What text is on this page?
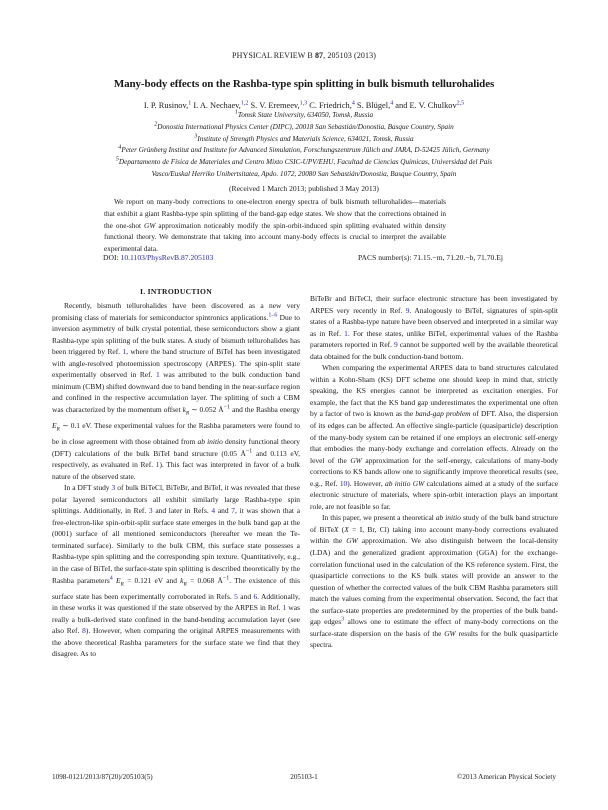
PHYSICAL REVIEW B 87, 205103 (2013)
Many-body effects on the Rashba-type spin splitting in bulk bismuth tellurohalides
I. P. Rusinov,$^1$ I. A. Nechaev,$^{1,2}$ S. V. Eremeev,$^{1,3}$ C. Friedrich,$^4$ S. Blügel,$^4$ and E. V. Chulkov$^{2,5}$
$^1$Tomsk State University, 634050, Tomsk, Russia
$^2$Donostia International Physics Center (DIPC), 20018 San Sebastián/Donostia, Basque Country, Spain
$^3$Institute of Strength Physics and Materials Science, 634021, Tomsk, Russia
$^4$Peter Grünberg Institut and Institute for Advanced Simulation, Forschungszentrum Jülich and JARA, D-52425 Jülich, Germany
$^5$Departamento de Física de Materiales and Centro Mixto CSIC-UPV/EHU, Facultad de Ciencias Químicas, Universidad del País
Vasco/Euskal Herriko Unibertsitatea, Apdo. 1072, 20080 San Sebastián/Donostia, Basque Country, Spain
(Received 1 March 2013; published 3 May 2013)
We report on many-body corrections to one-electron energy spectra of bulk bismuth tellurohalides—materials that exhibit a giant Rashba-type spin splitting of the band-gap edge states. We show that the corrections obtained in the one-shot GW approximation noticeably modify the spin-orbit-induced spin splitting evaluated within density functional theory. We demonstrate that taking into account many-body effects is crucial to interpret the available experimental data.
DOI: 10.1103/PhysRevB.87.205103	PACS number(s): 71.15.−m, 71.20.−b, 71.70.Ej
I. INTRODUCTION

Recently, bismuth tellurohalides have been discovered as a new very promising class of materials for semiconductor spintronics applications.$^{1-6}$ Due to inversion asymmetry of bulk crystal potential, these semiconductors show a giant Rashba-type spin splitting of the bulk states. A study of bismuth tellurohalides has been triggered by Ref. 1, where the band structure of BiTeI has been investigated with angle-resolved photoemission spectroscopy (ARPES). The spin-split state experimentally observed in Ref. 1 was attributed to the bulk conduction band minimum (CBM) shifted downward due to band bending in the near-surface region and confined in the respective accumulation layer. The splitting of such a CBM was characterized by the momentum offset $k_R$ ∼ 0.052 $Å^{-1}$ and the Rashba energy $E_R$ ∼ 0.1 eV. These experimental values for the Rashba parameters were found to be in close agreement with those obtained from ab initio density functional theory (DFT) calculations of the bulk BiTeI band structure (0.05 $Å^{-1}$ and 0.113 eV, respectively, as evaluated in Ref. 1). This fact was interpreted in favor of a bulk nature of the observed state.

In a DFT study 3 of bulk BiTeCl, BiTeBr, and BiTeI, it was revealed that these polar layered semiconductors all exhibit similarly large Rashba-type spin splittings. Additionally, in Ref. 3 and later in Refs. 4 and 7, it was shown that a free-electron-like spin-orbit-split surface state emerges in the bulk band gap at the (0001) surface of all mentioned semiconductors (hereafter we mean the Te-terminated surface). Similarly to the bulk CBM, this surface state possesses a Rashba-type spin splitting and the corresponding spin texture. Quantitatively, e.g., in the case of BiTeI, the surface-state spin splitting is described theoretically by the Rashba parameters$^4$ $E_R = 0.121$ eV and $k_R = 0.068$ $Å^{-1}$. The existence of this surface state has been experimentally corroborated in Refs. 5 and 6. Additionally, in these works it was questioned if the state observed by the ARPES in Ref. 1 was really a bulk-derived state confined in the band-bending accumulation layer (see also Ref. 8). However, when comparing the original ARPES measurements with the above theoretical Rashba parameters for the surface state we find that they disagree. As to

BiTeBr and BiTeCl, their surface electronic structure has been investigated by ARPES very recently in Ref. 9. Analogously to BiTeI, signatures of spin-split states of a Rashba-type nature have been observed and interpreted in a similar way as in Ref. 1. For these states, unlike BiTeI, experimental values of the Rashba parameters reported in Ref. 9 cannot be supported well by the available theoretical data obtained for the bulk conduction-band bottom.

When comparing the experimental ARPES data to band structures calculated within a Kohn-Sham (KS) DFT scheme one should keep in mind that, strictly speaking, the KS energies cannot be interpreted as excitation energies. For example, the fact that the KS band gap underestimates the experimental one often by a factor of two is known as the band-gap problem of DFT. Also, the dispersion of its edges can be affected. An effective single-particle (quasiparticle) description of the many-body system can be retained if one employs an electronic self-energy that embodies the many-body exchange and correlation effects. Already on the level of the GW approximation for the self-energy, calculations of many-body corrections to KS bands allow one to significantly improve theoretical results (see, e.g., Ref. 10). However, ab initio GW calculations aimed at a study of the surface electronic structure of materials, where spin-orbit interaction plays an important role, are not feasible so far.

In this paper, we present a theoretical ab initio study of the bulk band structure of BiTeX (X = I, Br, Cl) taking into account many-body corrections evaluated within the GW approximation. We also distinguish between the local-density (LDA) and the generalized gradient approximation (GGA) for the exchange-correlation functional used in the calculation of the KS reference system. First, the quasiparticle corrections to the KS bulk states will provide an answer to the question of whether the corrected values of the bulk CBM Rashba parameters still match the values coming from the experimental observation. Second, the fact that the surface-state properties are predetermined by the properties of the bulk band-gap edges$^3$ allows one to estimate the effect of many-body corrections on the surface-state dispersion on the basis of the GW results for the bulk quasiparticle spectra.

1098-0121/2013/87(20)/205103(5)	205103-1	©2013 American Physical Society
